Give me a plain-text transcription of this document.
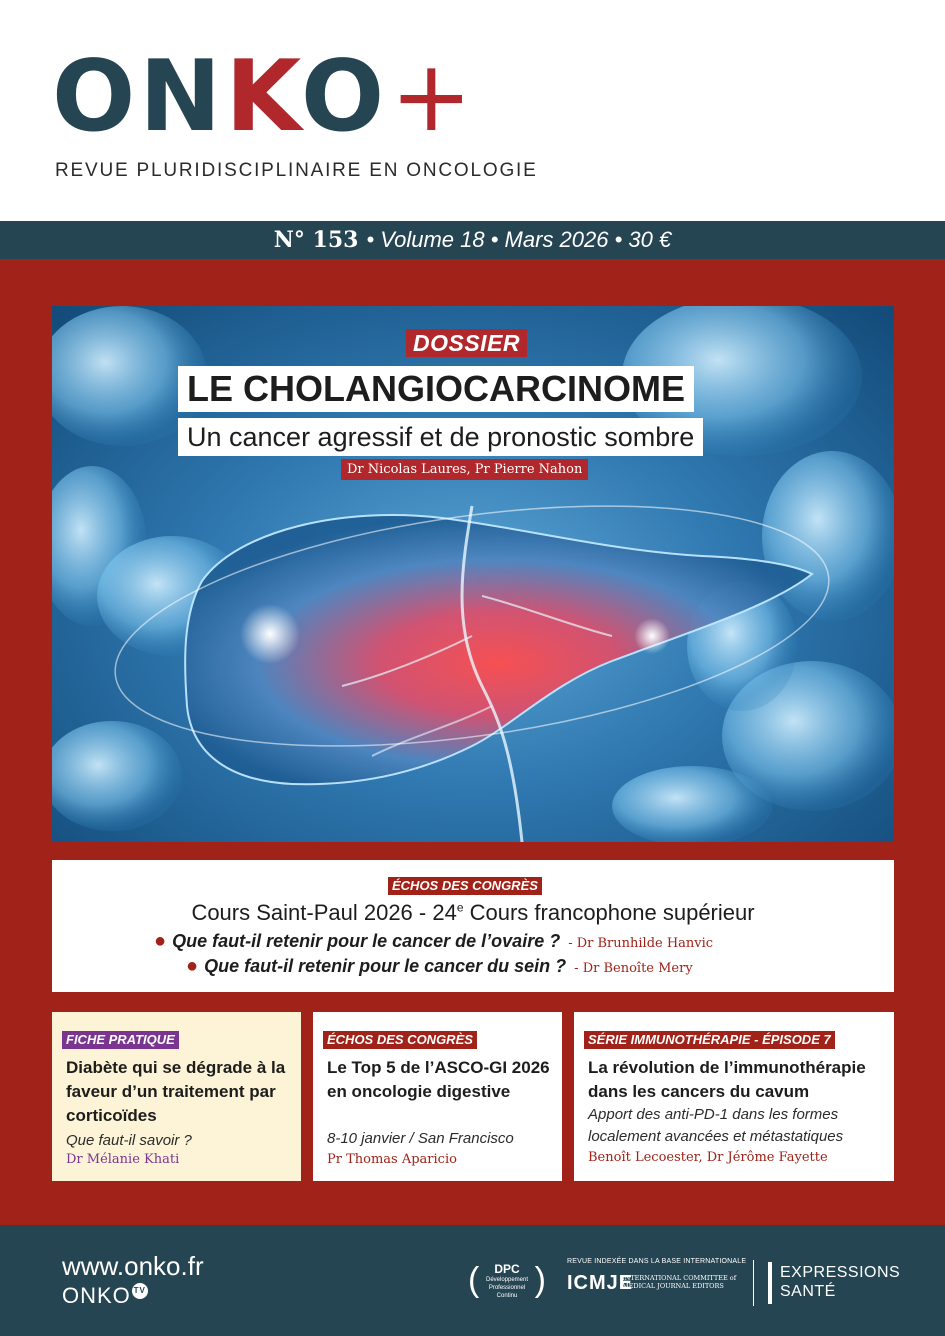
ONKO+
REVUE PLURIDISCIPLINAIRE EN ONCOLOGIE
N° 153 • Volume 18 • Mars 2026 • 30 €
DOSSIER
LE CHOLANGIOCARCINOME
Un cancer agressif et de pronostic sombre
Dr Nicolas Laures, Pr Pierre Nahon
ÉCHOS DES CONGRÈS
Cours Saint-Paul 2026 - 24e Cours francophone supérieur
● Que faut-il retenir pour le cancer de l’ovaire ? - Dr Brunhilde Hanvic
● Que faut-il retenir pour le cancer du sein ? - Dr Benoîte Mery
FICHE PRATIQUE
Diabète qui se dégrade à la faveur d’un traitement par corticoïdes
Que faut-il savoir ?
Dr Mélanie Khati
ÉCHOS DES CONGRÈS
Le Top 5 de l’ASCO-GI 2026 en oncologie digestive
8-10 janvier / San Francisco
Pr Thomas Aparicio
SÉRIE IMMUNOTHÉRAPIE - ÉPISODE 7
La révolution de l’immunothérapie dans les cancers du cavum
Apport des anti-PD-1 dans les formes localement avancées et métastatiques
Benoît Lecoester, Dr Jérôme Fayette
www.onko.fr
ONKO TV	( )
DPC
Développement
Professionnel
Continu
REVUE INDEXÉE DANS LA BASE INTERNATIONALE
ICMJE
INTERNATIONAL COMMITTEE of
MEDICAL JOURNAL EDITORS
EXPRESSIONS
SANTÉ
